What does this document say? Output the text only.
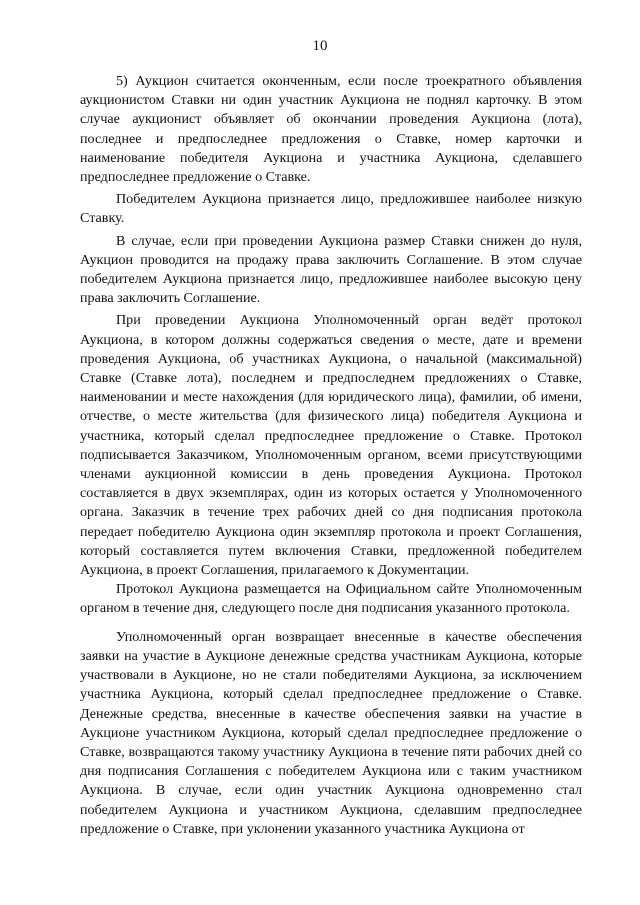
10

5) Аукцион считается оконченным, если после троекратного объявления аукционистом Ставки ни один участник Аукциона не поднял карточку. В этом случае аукционист объявляет об окончании проведения Аукциона (лота), последнее и предпоследнее предложения о Ставке, номер карточки и наименование победителя Аукциона и участника Аукциона, сделавшего предпоследнее предложение о Ставке.

Победителем Аукциона признается лицо, предложившее наиболее низкую Ставку.

В случае, если при проведении Аукциона размер Ставки снижен до нуля, Аукцион проводится на продажу права заключить Соглашение. В этом случае победителем Аукциона признается лицо, предложившее наиболее высокую цену права заключить Соглашение.

При проведении Аукциона Уполномоченный орган ведёт протокол Аукциона, в котором должны содержаться сведения о месте, дате и времени проведения Аукциона, об участниках Аукциона, о начальной (максимальной) Ставке (Ставке лота), последнем и предпоследнем предложениях о Ставке, наименовании и месте нахождения (для юридического лица), фамилии, об имени, отчестве, о месте жительства (для физического лица) победителя Аукциона и участника, который сделал предпоследнее предложение о Ставке. Протокол подписывается Заказчиком, Уполномоченным органом, всеми присутствующими членами аукционной комиссии в день проведения Аукциона. Протокол составляется в двух экземплярах, один из которых остается у Уполномоченного органа. Заказчик в течение трех рабочих дней со дня подписания протокола передает победителю Аукциона один экземпляр протокола и проект Соглашения, который составляется путем включения Ставки, предложенной победителем Аукциона, в проект Соглашения, прилагаемого к Документации.

Протокол Аукциона размещается на Официальном сайте Уполномоченным органом в течение дня, следующего после дня подписания указанного протокола.

Уполномоченный орган возвращает внесенные в качестве обеспечения заявки на участие в Аукционе денежные средства участникам Аукциона, которые участвовали в Аукционе, но не стали победителями Аукциона, за исключением участника Аукциона, который сделал предпоследнее предложение о Ставке. Денежные средства, внесенные в качестве обеспечения заявки на участие в Аукционе участником Аукциона, который сделал предпоследнее предложение о Ставке, возвращаются такому участнику Аукциона в течение пяти рабочих дней со дня подписания Соглашения с победителем Аукциона или с таким участником Аукциона. В случае, если один участник Аукциона одновременно стал победителем Аукциона и участником Аукциона, сделавшим предпоследнее предложение о Ставке, при уклонении указанного участника Аукциона от
